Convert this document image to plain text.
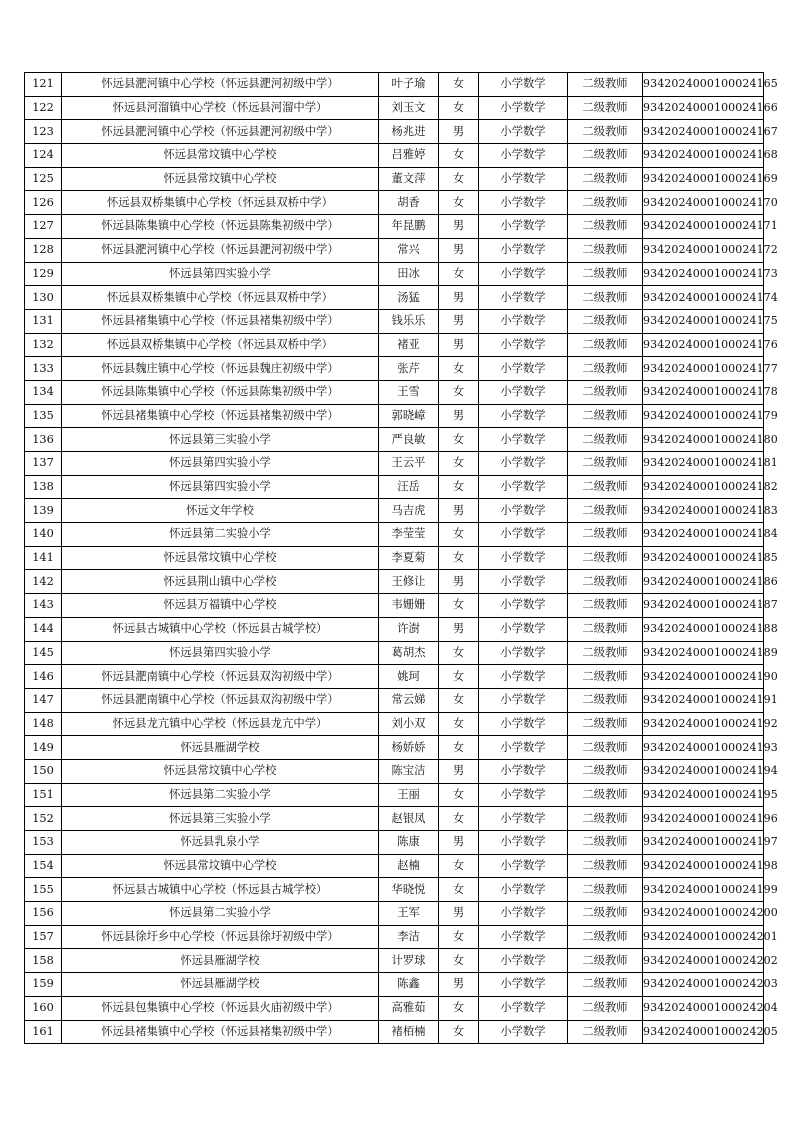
121	怀远县淝河镇中心学校（怀远县淝河初级中学）	叶子瑜	女	小学数学	二级教师	9342024000100024165
122	怀远县河溜镇中心学校（怀远县河溜中学）	刘玉文	女	小学数学	二级教师	9342024000100024166
123	怀远县淝河镇中心学校（怀远县淝河初级中学）	杨兆进	男	小学数学	二级教师	9342024000100024167
124	怀远县常坟镇中心学校	吕雅婷	女	小学数学	二级教师	9342024000100024168
125	怀远县常坟镇中心学校	董文萍	女	小学数学	二级教师	9342024000100024169
126	怀远县双桥集镇中心学校（怀远县双桥中学）	胡香	女	小学数学	二级教师	9342024000100024170
127	怀远县陈集镇中心学校（怀远县陈集初级中学）	年昆鹏	男	小学数学	二级教师	9342024000100024171
128	怀远县淝河镇中心学校（怀远县淝河初级中学）	常兴	男	小学数学	二级教师	9342024000100024172
129	怀远县第四实验小学	田冰	女	小学数学	二级教师	9342024000100024173
130	怀远县双桥集镇中心学校（怀远县双桥中学）	汤猛	男	小学数学	二级教师	9342024000100024174
131	怀远县褚集镇中心学校（怀远县褚集初级中学）	钱乐乐	男	小学数学	二级教师	9342024000100024175
132	怀远县双桥集镇中心学校（怀远县双桥中学）	褚亚	男	小学数学	二级教师	9342024000100024176
133	怀远县魏庄镇中心学校（怀远县魏庄初级中学）	张芹	女	小学数学	二级教师	9342024000100024177
134	怀远县陈集镇中心学校（怀远县陈集初级中学）	王雪	女	小学数学	二级教师	9342024000100024178
135	怀远县褚集镇中心学校（怀远县褚集初级中学）	郭晓嶂	男	小学数学	二级教师	9342024000100024179
136	怀远县第三实验小学	严良敏	女	小学数学	二级教师	9342024000100024180
137	怀远县第四实验小学	王云平	女	小学数学	二级教师	9342024000100024181
138	怀远县第四实验小学	汪岳	女	小学数学	二级教师	9342024000100024182
139	怀远文年学校	马吉虎	男	小学数学	二级教师	9342024000100024183
140	怀远县第二实验小学	李莹莹	女	小学数学	二级教师	9342024000100024184
141	怀远县常坟镇中心学校	李夏菊	女	小学数学	二级教师	9342024000100024185
142	怀远县荆山镇中心学校	王修让	男	小学数学	二级教师	9342024000100024186
143	怀远县万福镇中心学校	韦姗姗	女	小学数学	二级教师	9342024000100024187
144	怀远县古城镇中心学校（怀远县古城学校）	许澍	男	小学数学	二级教师	9342024000100024188
145	怀远县第四实验小学	葛胡杰	女	小学数学	二级教师	9342024000100024189
146	怀远县淝南镇中心学校（怀远县双沟初级中学）	姚珂	女	小学数学	二级教师	9342024000100024190
147	怀远县淝南镇中心学校（怀远县双沟初级中学）	常云娣	女	小学数学	二级教师	9342024000100024191
148	怀远县龙亢镇中心学校（怀远县龙亢中学）	刘小双	女	小学数学	二级教师	9342024000100024192
149	怀远县雁湖学校	杨娇娇	女	小学数学	二级教师	9342024000100024193
150	怀远县常坟镇中心学校	陈宝洁	男	小学数学	二级教师	9342024000100024194
151	怀远县第二实验小学	王丽	女	小学数学	二级教师	9342024000100024195
152	怀远县第三实验小学	赵银凤	女	小学数学	二级教师	9342024000100024196
153	怀远县乳泉小学	陈康	男	小学数学	二级教师	9342024000100024197
154	怀远县常坟镇中心学校	赵楠	女	小学数学	二级教师	9342024000100024198
155	怀远县古城镇中心学校（怀远县古城学校）	华晓悦	女	小学数学	二级教师	9342024000100024199
156	怀远县第二实验小学	王军	男	小学数学	二级教师	9342024000100024200
157	怀远县徐圩乡中心学校（怀远县徐圩初级中学）	李洁	女	小学数学	二级教师	9342024000100024201
158	怀远县雁湖学校	计罗球	女	小学数学	二级教师	9342024000100024202
159	怀远县雁湖学校	陈鑫	男	小学数学	二级教师	9342024000100024203
160	怀远县包集镇中心学校（怀远县火庙初级中学）	高雅茹	女	小学数学	二级教师	9342024000100024204
161	怀远县褚集镇中心学校（怀远县褚集初级中学）	褚栢楠	女	小学数学	二级教师	9342024000100024205
